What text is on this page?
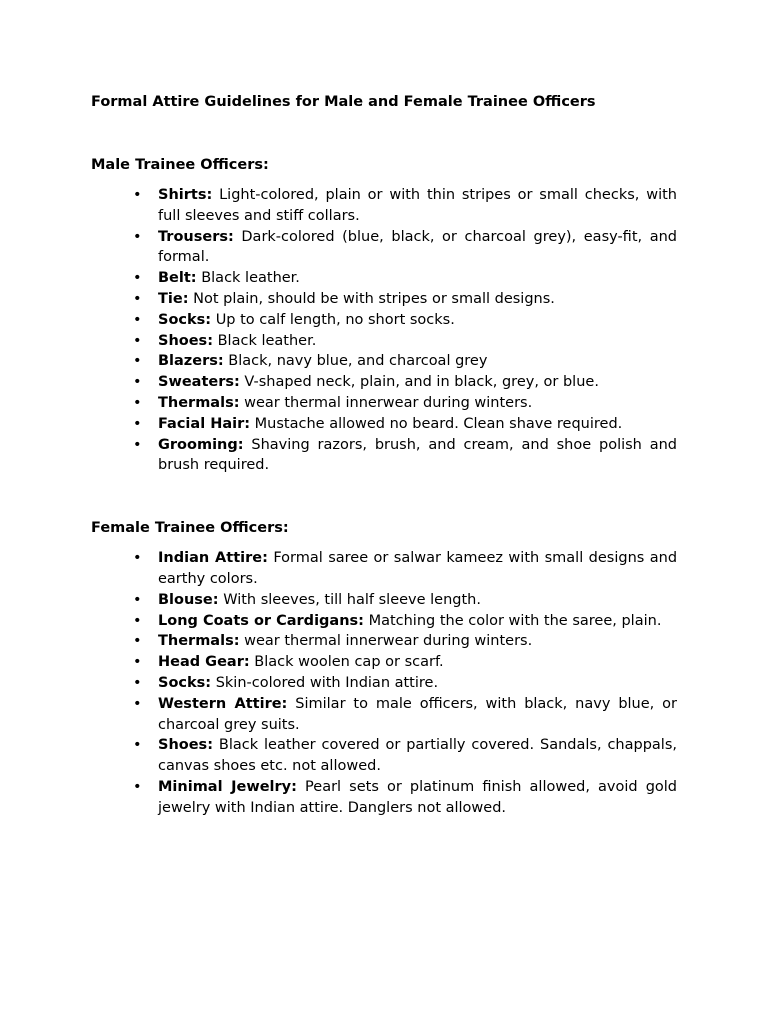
Formal Attire Guidelines for Male and Female Trainee Officers
Male Trainee Officers:
• Shirts: Light-colored, plain or with thin stripes or small checks, with full sleeves and stiff collars.
• Trousers: Dark-colored (blue, black, or charcoal grey), easy-fit, and formal.
• Belt: Black leather.
• Tie: Not plain, should be with stripes or small designs.
• Socks: Up to calf length, no short socks.
• Shoes: Black leather.
• Blazers: Black, navy blue, and charcoal grey
• Sweaters: V-shaped neck, plain, and in black, grey, or blue.
• Thermals: wear thermal innerwear during winters.
• Facial Hair: Mustache allowed no beard. Clean shave required.
• Grooming: Shaving razors, brush, and cream, and shoe polish and brush required.
Female Trainee Officers:
• Indian Attire: Formal saree or salwar kameez with small designs and earthy colors.
• Blouse: With sleeves, till half sleeve length.
• Long Coats or Cardigans: Matching the color with the saree, plain.
• Thermals: wear thermal innerwear during winters.
• Head Gear: Black woolen cap or scarf.
• Socks: Skin-colored with Indian attire.
• Western Attire: Similar to male officers, with black, navy blue, or charcoal grey suits.
• Shoes: Black leather covered or partially covered. Sandals, chappals, canvas shoes etc. not allowed.
• Minimal Jewelry: Pearl sets or platinum finish allowed, avoid gold jewelry with Indian attire. Danglers not allowed.
